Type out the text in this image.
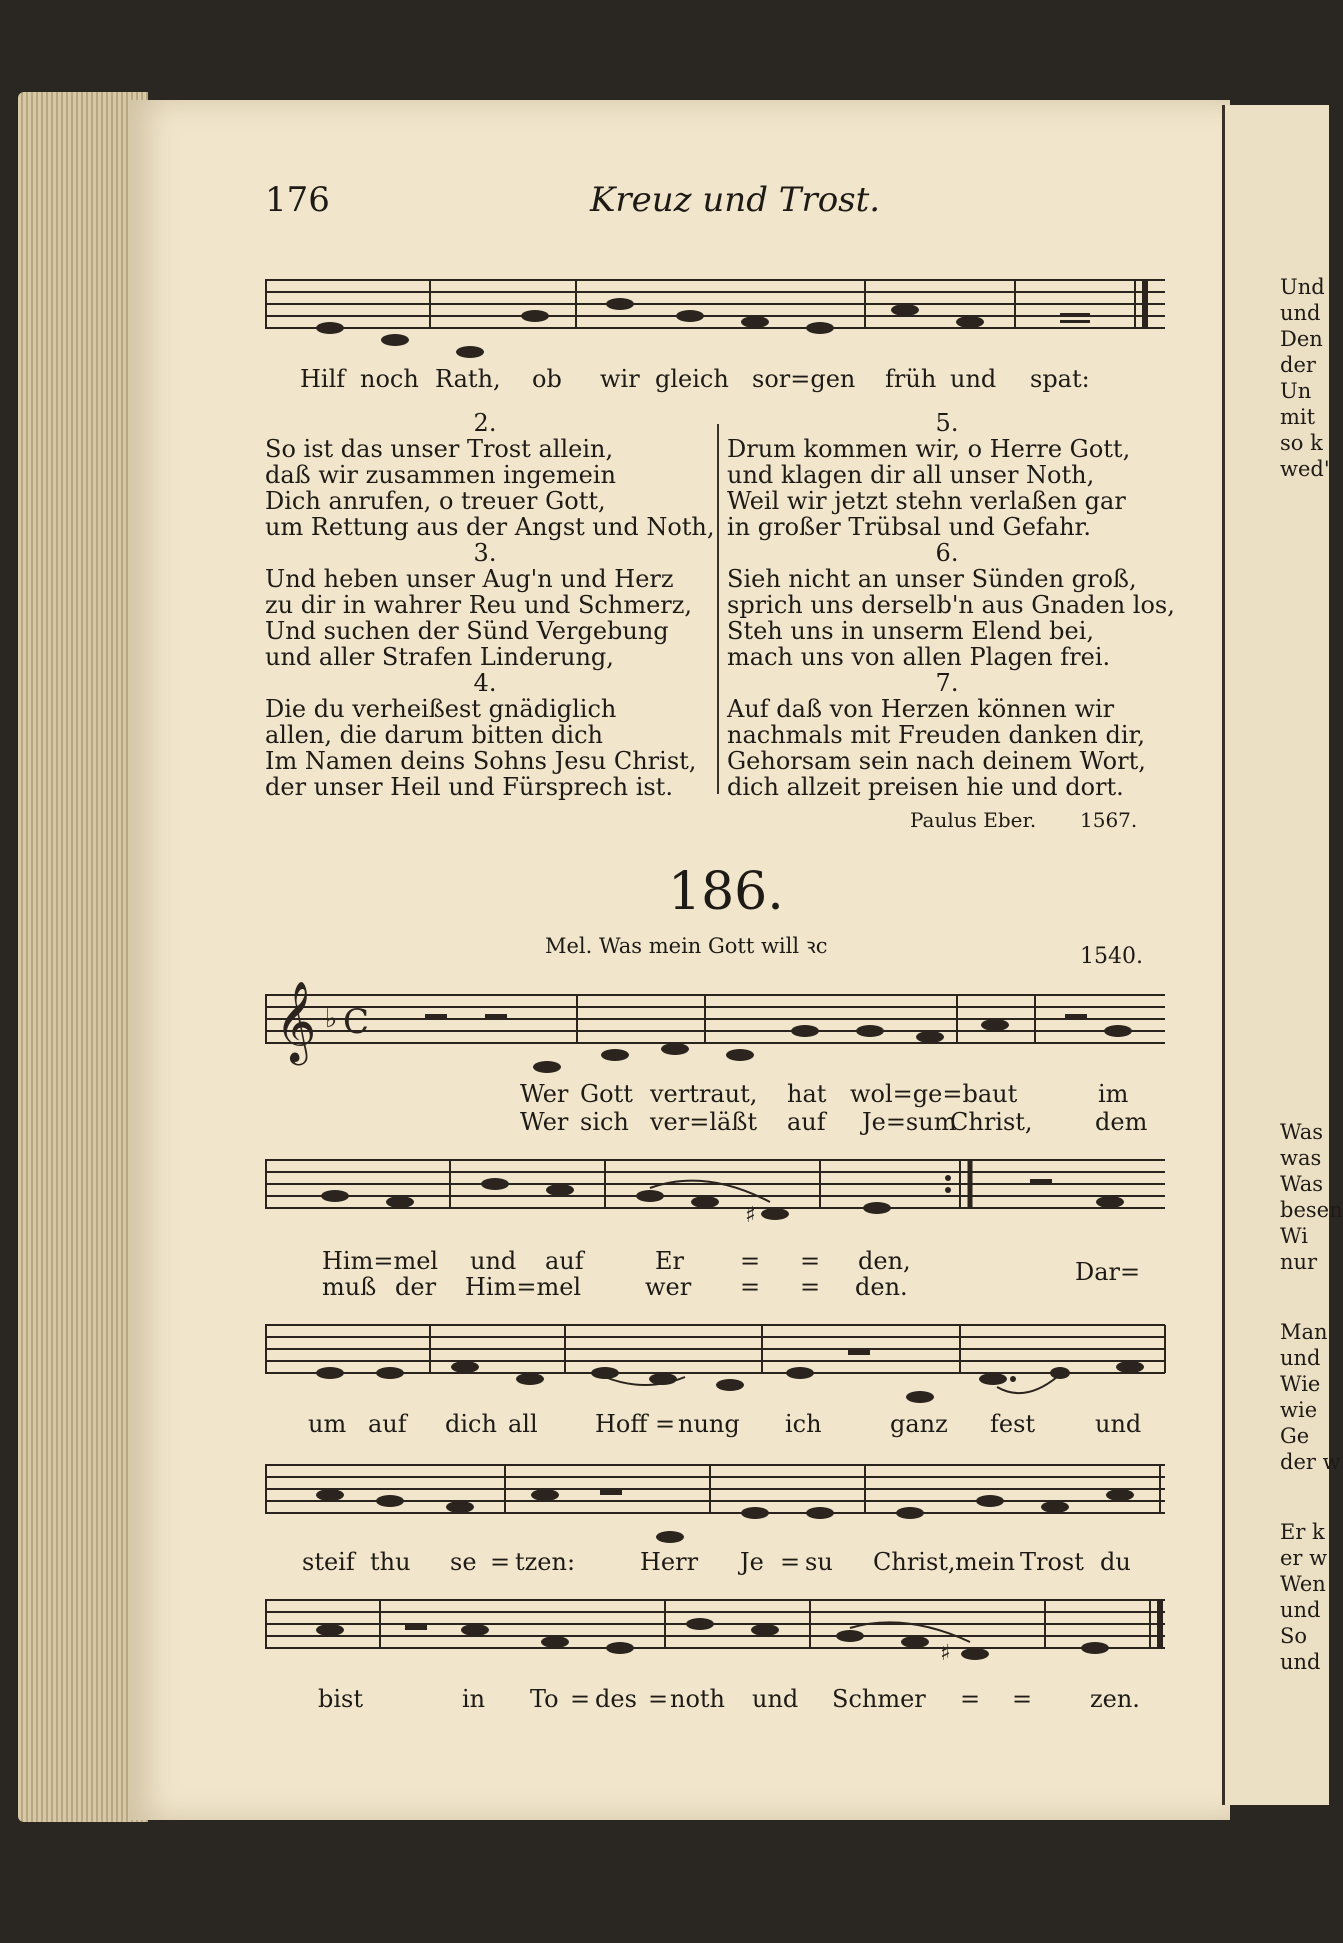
176	Kreuz und Trost.
Hilf noch Rath, ob wir gleich sor=gen früh und spat:
2.
So ist das unser Trost allein,
daß wir zusammen ingemein
Dich anrufen, o treuer Gott,
um Rettung aus der Angst und Noth,
3.
Und heben unser Aug'n und Herz
zu dir in wahrer Reu und Schmerz,
Und suchen der Sünd Vergebung
und aller Strafen Linderung,
4.
Die du verheißest gnädiglich
allen, die darum bitten dich
Im Namen deins Sohns Jesu Christ,
der unser Heil und Fürsprech ist.
5.
Drum kommen wir, o Herre Gott,
und klagen dir all unser Noth,
Weil wir jetzt stehn verlaßen gar
in großer Trübsal und Gefahr.
6.
Sieh nicht an unser Sünden groß,
sprich uns derselb'n aus Gnaden los,
Steh uns in unserm Elend bei,
mach uns von allen Plagen frei.
7.
Auf daß von Herzen können wir
nachmals mit Freuden danken dir,
Gehorsam sein nach deinem Wort,
dich allzeit preisen hie und dort.
Paulus Eber. 1567.
186.
Mel. Was mein Gott will ꝛc	1540.
𝄞 ♭ C
Wer Gott vertraut, hat wol=ge=baut	im
Wer sich ver=läßt auf Je=sum
Christ,	dem
♯
Him=mel und auf	Er = = den,	Dar=
muß der Him=mel	wer = = den.
um auf dich all Hoff = nung ich	ganz fest und
steif thu se = tzen:	Herr Je = su Christ, mein Trost du
♯
bist	in To = des = noth und Schmer = = zen.
Und
und
Den
der
Un
mit
so k
wed'
Was
was
Was
besen
Wi
nur
Man
und
Wie
wie
Ge
der w
Er k
er w
Wen
und
So
und
